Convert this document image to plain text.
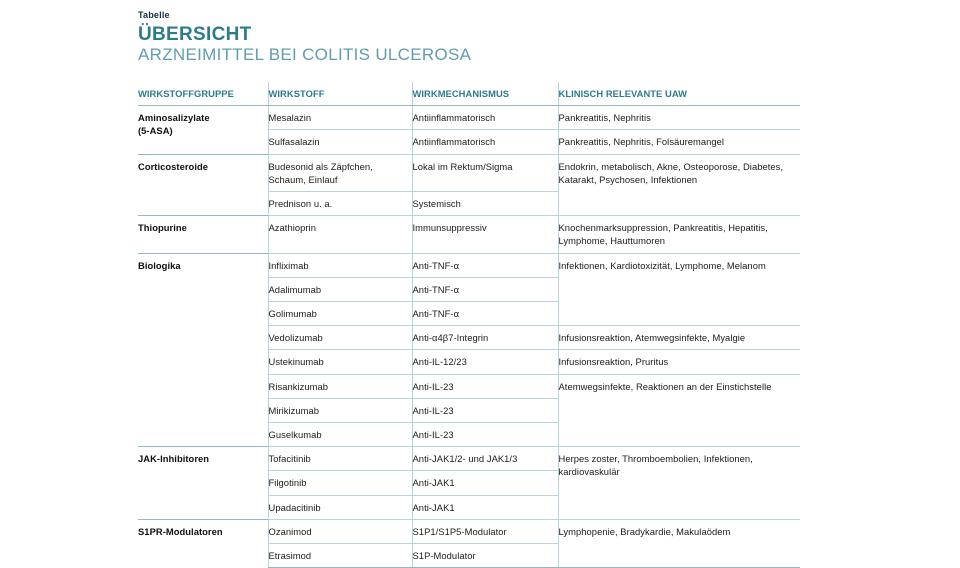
Tabelle
ÜBERSICHT
ARZNEIMITTEL BEI COLITIS ULCEROSA
WIRKSTOFFGRUPPE	WIRKSTOFF	WIRKMECHANISMUS	KLINISCH RELEVANTE UAW

Aminosalizylate
(5-ASA)	Mesalazin	Antiinflammatorisch	Pankreatitis, Nephritis
	Sulfasalazin	Antiinflammatorisch	Pankreatitis, Nephritis, Folsäuremangel

Corticosteroide	Budesonid als Zäpfchen, Schaum, Einlauf	Lokal im Rektum/Sigma	Endokrin, metabolisch, Akne, Osteoporose, Diabetes, Katarakt, Psychosen, Infektionen
	Prednison u. a.	Systemisch	

Thiopurine	Azathioprin	Immunsuppressiv	Knochenmarksuppression, Pankreatitis, Hepatitis, Lymphome, Hauttumoren

Biologika	Infliximab	Anti-TNF-α	Infektionen, Kardiotoxizität, Lymphome, Melanom
	Adalimumab	Anti-TNF-α	
	Golimumab	Anti-TNF-α	
	Vedolizumab	Anti-α4β7-Integrin	Infusionsreaktion, Atemwegsinfekte, Myalgie
	Ustekinumab	Anti-IL-12/23	Infusionsreaktion, Pruritus
	Risankizumab	Anti-IL-23	Atemwegsinfekte, Reaktionen an der Einstichstelle
	Mirikizumab	Anti-IL-23	
	Guselkumab	Anti-IL-23	

JAK-Inhibitoren	Tofacitinib	Anti-JAK1/2- und JAK1/3	Herpes zoster, Thromboembolien, Infektionen, kardiovaskulär
	Filgotinib	Anti-JAK1	
	Upadacitinib	Anti-JAK1	

S1PR-Modulatoren	Ozanimod	S1P1/S1P5-Modulator	Lymphopenie, Bradykardie, Makulaödem
	Etrasimod	S1P-Modulator	
